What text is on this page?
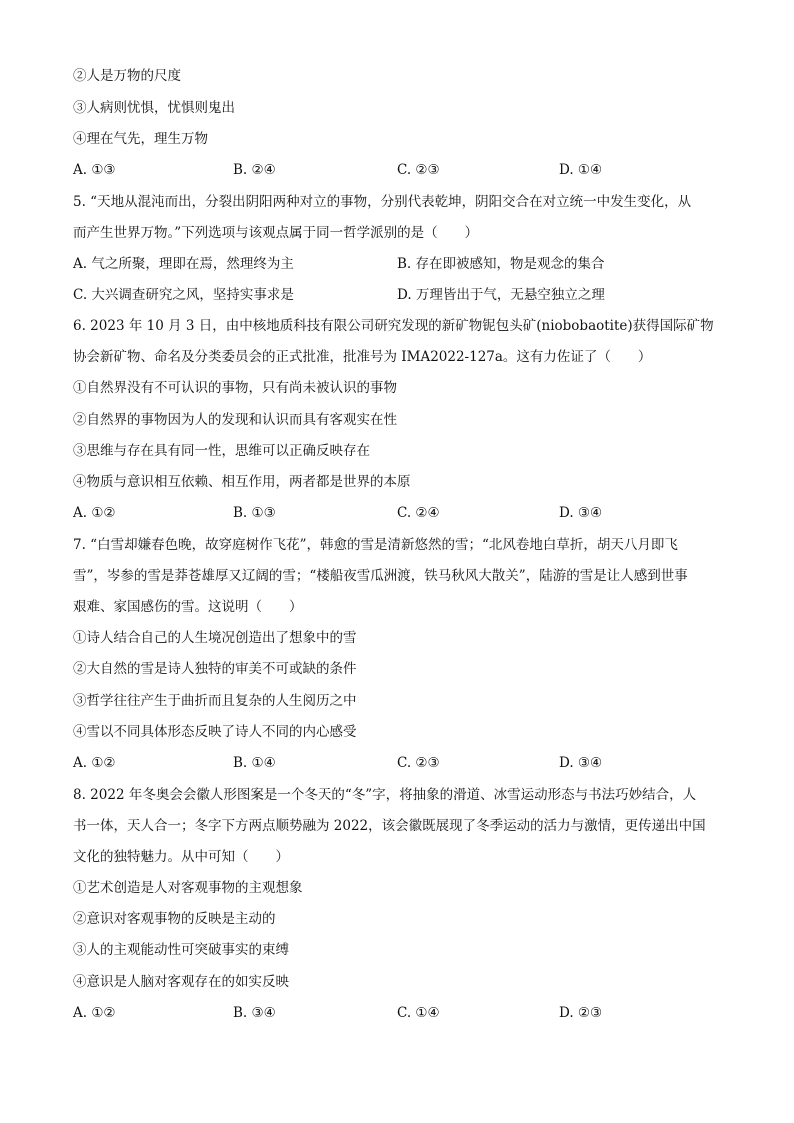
②人是万物的尺度
③人病则忧惧，忧惧则鬼出
④理在气先，理生万物
A. ①③	B. ②④	C. ②③	D. ①④
5. “天地从混沌而出，分裂出阴阳两种对立的事物，分别代表乾坤，阴阳交合在对立统一中发生变化，从
而产生世界万物。”下列选项与该观点属于同一哲学派别的是（　　）
A. 气之所聚，理即在焉，然理终为主	B. 存在即被感知，物是观念的集合
C. 大兴调查研究之风，坚持实事求是	D. 万理皆出于气，无悬空独立之理
6. 2023 年 10 月 3 日，由中核地质科技有限公司研究发现的新矿物铌包头矿(niobobaotite)获得国际矿物
协会新矿物、命名及分类委员会的正式批准，批准号为 IMA2022-127a。这有力佐证了（　　）
①自然界没有不可认识的事物，只有尚未被认识的事物
②自然界的事物因为人的发现和认识而具有客观实在性
③思维与存在具有同一性，思维可以正确反映存在
④物质与意识相互依赖、相互作用，两者都是世界的本原
A. ①②	B. ①③	C. ②④	D. ③④
7. “白雪却嫌春色晚，故穿庭树作飞花”，韩愈的雪是清新悠然的雪；“北风卷地白草折，胡天八月即飞
雪”，岑参的雪是莽苍雄厚又辽阔的雪；“楼船夜雪瓜洲渡，铁马秋风大散关”，陆游的雪是让人感到世事
艰难、家国感伤的雪。这说明（　　）
①诗人结合自己的人生境况创造出了想象中的雪
②大自然的雪是诗人独特的审美不可或缺的条件
③哲学往往产生于曲折而且复杂的人生阅历之中
④雪以不同具体形态反映了诗人不同的内心感受
A. ①②	B. ①④	C. ②③	D. ③④
8. 2022 年冬奥会会徽人形图案是一个冬天的“冬”字，将抽象的滑道、冰雪运动形态与书法巧妙结合，人
书一体，天人合一；冬字下方两点顺势融为 2022，该会徽既展现了冬季运动的活力与激情，更传递出中国
文化的独特魅力。从中可知（　　）
①艺术创造是人对客观事物的主观想象
②意识对客观事物的反映是主动的
③人的主观能动性可突破事实的束缚
④意识是人脑对客观存在的如实反映
A. ①②	B. ③④	C. ①④	D. ②③
